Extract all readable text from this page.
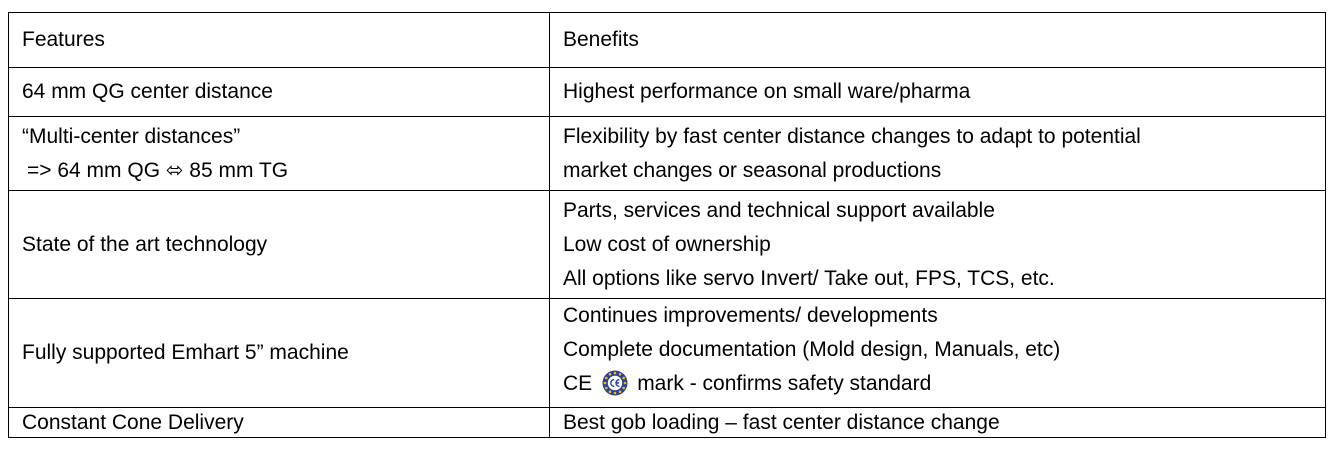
Features	Benefits

64 mm QG center distance	Highest performance on small ware/pharma

“Multi-center distances”
=> 64 mm QG ⬄ 85 mm TG	Flexibility by fast center distance changes to adapt to potential
market changes or seasonal productions

State of the art technology	Parts, services and technical support available
Low cost of ownership
All options like servo Invert/ Take out, FPS, TCS, etc.

Fully supported Emhart 5” machine	Continues improvements/ developments
Complete documentation (Mold design, Manuals, etc)
CE mark - confirms safety standard

Constant Cone Delivery	Best gob loading – fast center distance change
